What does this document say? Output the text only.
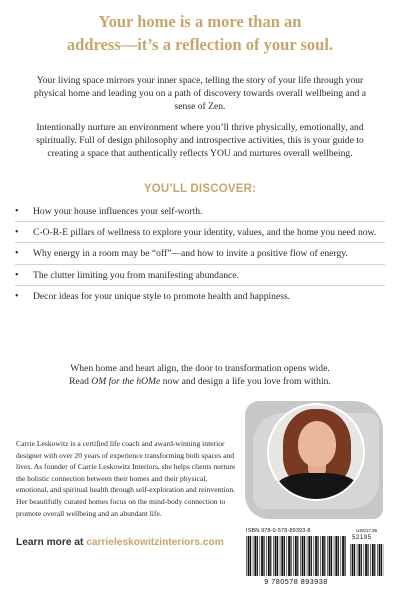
Your home is a more than an
address—it’s a reflection of your soul.

Your living space mirrors your inner space, telling the story of your life through your physical home and leading you on a path of discovery towards overall wellbeing and a sense of Zen.

Intentionally nurture an environment where you’ll thrive physically, emotionally, and spiritually. Full of design philosophy and introspective activities, this is your guide to creating a space that authentically reflects YOU and nurtures overall wellbeing.

YOU’LL DISCOVER:
• How your house influences your self-worth.
• C-O-R-E pillars of wellness to explore your identity, values, and the home you need now.
• Why energy in a room may be “off”—and how to invite a positive flow of energy.
• The clutter limiting you from manifesting abundance.
• Decor ideas for your unique style to promote health and happiness.
When home and heart align, the door to transformation opens wide.
Read OM for the hOMe now and design a life you love from within.

Carrie Leskowitz is a certified life coach and award-winning interior designer with over 20 years of experience transforming both spaces and lives. As founder of Carrie Leskowitz Interiors, she helps clients nurture the holistic connection between their homes and their physical, emotional, and spiritual health through self-exploration and reinvention. Her beautifully curated homes focus on the mind-body connection to promote overall wellbeing and an abundant life.

Learn more at carrieleskowitzinteriors.com
ISBN 978-0-578-89393-8	USD17.95
52195
9 780578 893938
